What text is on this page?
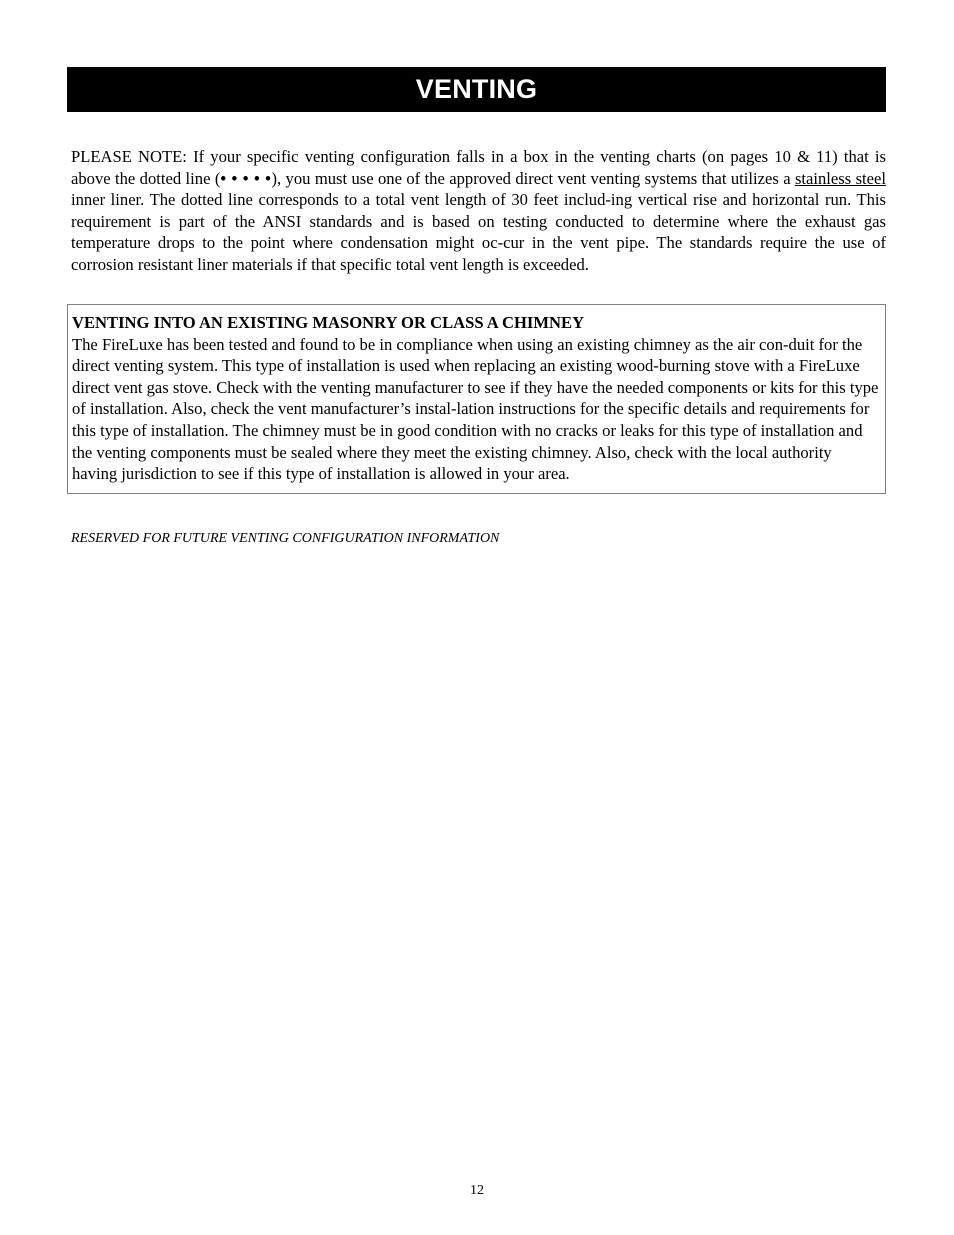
VENTING

PLEASE NOTE: If your specific venting configuration falls in a box in the venting charts (on pages 10 & 11) that is above the dotted line (• • • • •), you must use one of the approved direct vent venting systems that utilizes a stainless steel inner liner. The dotted line corresponds to a total vent length of 30 feet includ-ing vertical rise and horizontal run. This requirement is part of the ANSI standards and is based on testing conducted to determine where the exhaust gas temperature drops to the point where condensation might oc-cur in the vent pipe. The standards require the use of corrosion resistant liner materials if that specific total vent length is exceeded.

VENTING INTO AN EXISTING MASONRY OR CLASS A CHIMNEY
The FireLuxe has been tested and found to be in compliance when using an existing chimney as the air con-duit for the direct venting system. This type of installation is used when replacing an existing wood-burning stove with a FireLuxe direct vent gas stove. Check with the venting manufacturer to see if they have the needed components or kits for this type of installation. Also, check the vent manufacturer’s instal-lation instructions for the specific details and requirements for this type of installation. The chimney must be in good condition with no cracks or leaks for this type of installation and the venting components must be sealed where they meet the existing chimney. Also, check with the local authority having jurisdiction to see if this type of installation is allowed in your area.
RESERVED FOR FUTURE VENTING CONFIGURATION INFORMATION
12
